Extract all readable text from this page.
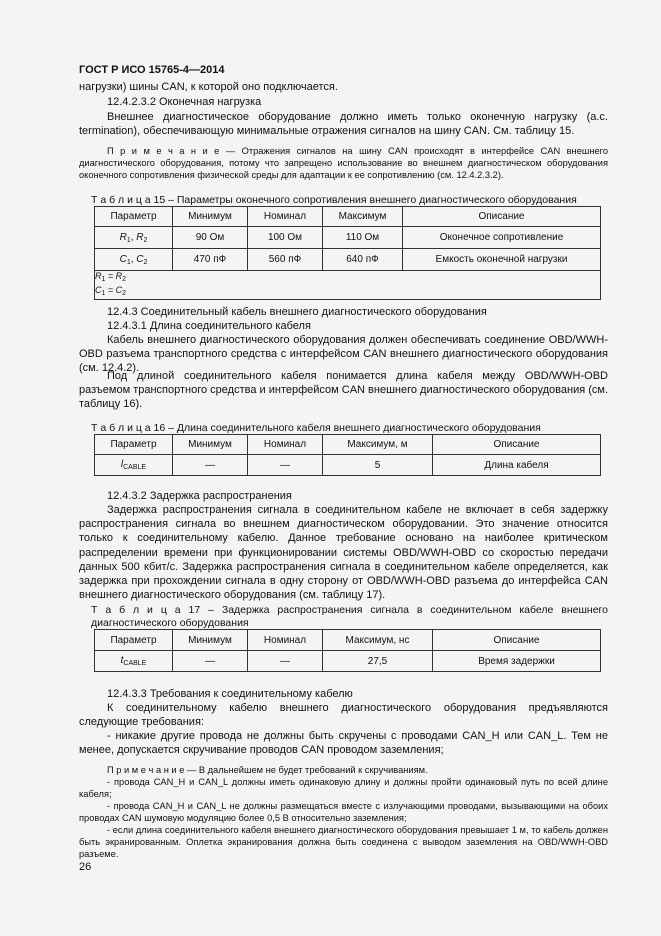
ГОСТ Р ИСО 15765-4—2014
нагрузки) шины CAN, к которой оно подключается.
12.4.2.3.2 Оконечная нагрузка
Внешнее диагностическое оборудование должно иметь только оконечную нагрузку (a.c. termination), обеспечивающую минимальные отражения сигналов на шину CAN. См. таблицу 15.
П р и м е ч а н и е — Отражения сигналов на шину CAN происходят в интерфейсе CAN внешнего диагностического оборудования, потому что запрещено использование во внешнем диагностическом оборудования оконечного сопротивления физической среды для адаптации к ее сопротивлению (см. 12.4.2.3.2).
Т а б л и ц а 15 – Параметры оконечного сопротивления внешнего диагностического оборудования
Параметр	Минимум	Номинал	Максимум	Описание
$R_1$, $R_2$	90 Ом	100 Ом	110 Ом	Оконечное сопротивление
$C_1$, $C_2$	470 пФ	560 пФ	640 пФ	Емкость оконечной нагрузки
$R_1 = R_2$
$C_1 = C_2$
12.4.3 Соединительный кабель внешнего диагностического оборудования
12.4.3.1 Длина соединительного кабеля
Кабель внешнего диагностического оборудования должен обеспечивать соединение OBD/WWH-OBD разъема транспортного средства с интерфейсом CAN внешнего диагностического оборудования (см. 12.4.2).
Под длиной соединительного кабеля понимается длина кабеля между OBD/WWH-OBD разъемом транспортного средства и интерфейсом CAN внешнего диагностического оборудования (см. таблицу 16).
Т а б л и ц а 16 – Длина соединительного кабеля внешнего диагностического оборудования
Параметр	Минимум	Номинал	Максимум, м	Описание
$l_{CABLE}$	—	—	5	Длина кабеля
12.4.3.2 Задержка распространения
Задержка распространения сигнала в соединительном кабеле не включает в себя задержку распространения сигнала во внешнем диагностическом оборудовании. Это значение относится только к соединительному кабелю. Данное требование основано на наиболее критическом распределении времени при функционировании системы OBD/WWH-OBD со скоростью передачи данных 500 кбит/с. Задержка распространения сигнала в соединительном кабеле определяется, как задержка при прохождении сигнала в одну сторону от OBD/WWH-OBD разъема до интерфейса CAN внешнего диагностического оборудования (см. таблицу 17).
Т а б л и ц а 17 – Задержка распространения сигнала в соединительном кабеле внешнего диагностического оборудования
Параметр	Минимум	Номинал	Максимум, нс	Описание
$t_{CABLE}$	—	—	27,5	Время задержки
12.4.3.3 Требования к соединительному кабелю
К соединительному кабелю внешнего диагностического оборудования предъявляются следующие требования:
- никакие другие провода не должны быть скручены с проводами CAN_H или CAN_L. Тем не менее, допускается скручивание проводов CAN проводом заземления;
П р и м е ч а н и е — В дальнейшем не будет требований к скручиваниям.
- провода CAN_H и CAN_L должны иметь одинаковую длину и должны пройти одинаковый путь по всей длине кабеля;
- провода CAN_H и CAN_L не должны размещаться вместе с излучающими проводами, вызывающими на обоих проводах CAN шумовую модуляцию более 0,5 В относительно заземления;
- если длина соединительного кабеля внешнего диагностического оборудования превышает 1 м, то кабель должен быть экранированным. Оплетка экранирования должна быть соединена с выводом заземления на OBD/WWH-OBD разъеме.
26
